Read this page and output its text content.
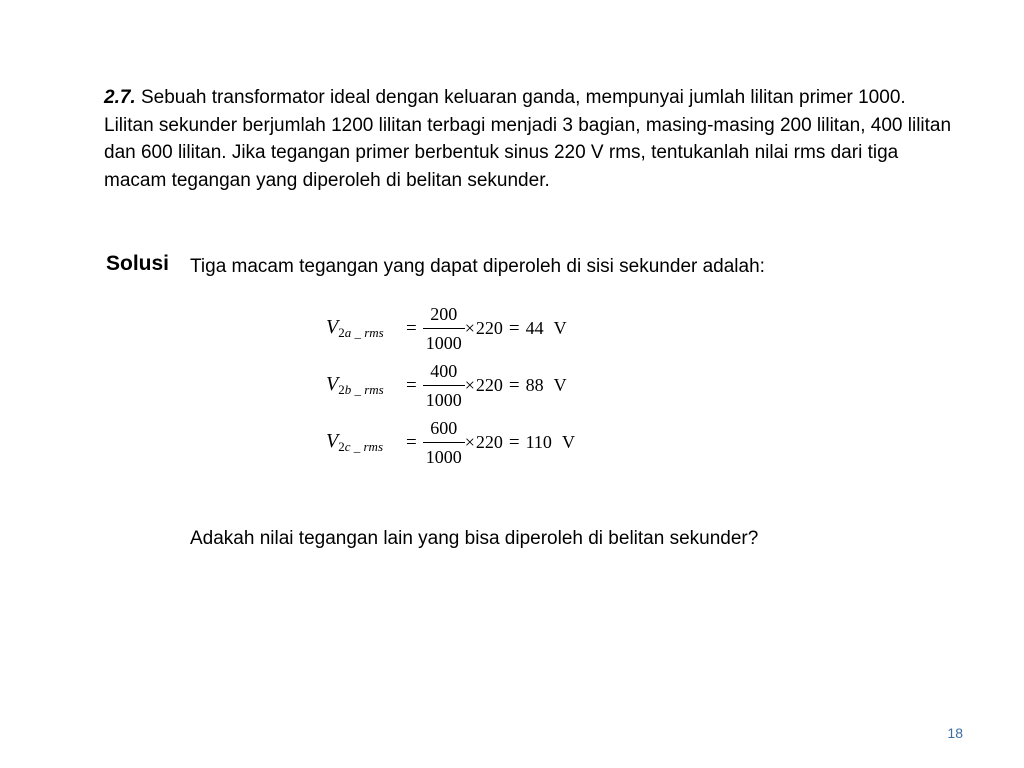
2.7. Sebuah transformator ideal dengan keluaran ganda, mempunyai jumlah lilitan primer 1000. Lilitan sekunder berjumlah 1200 lilitan terbagi menjadi 3 bagian, masing-masing 200 lilitan, 400 lilitan dan 600 lilitan. Jika tegangan primer berbentuk sinus 220 V rms, tentukanlah nilai rms dari tiga macam tegangan yang diperoleh di belitan sekunder.
Solusi Tiga macam tegangan yang dapat diperoleh di sisi sekunder adalah:
$V_{2a \_ rms}$	= $\frac{200}{1000} \times 220 = 44$ V
$V_{2b \_ rms}$	= $\frac{400}{1000} \times 220 = 88$ V
$V_{2c \_ rms}$	= $\frac{600}{1000} \times 220 = 110$ V
Adakah nilai tegangan lain yang bisa diperoleh di belitan sekunder?
18
